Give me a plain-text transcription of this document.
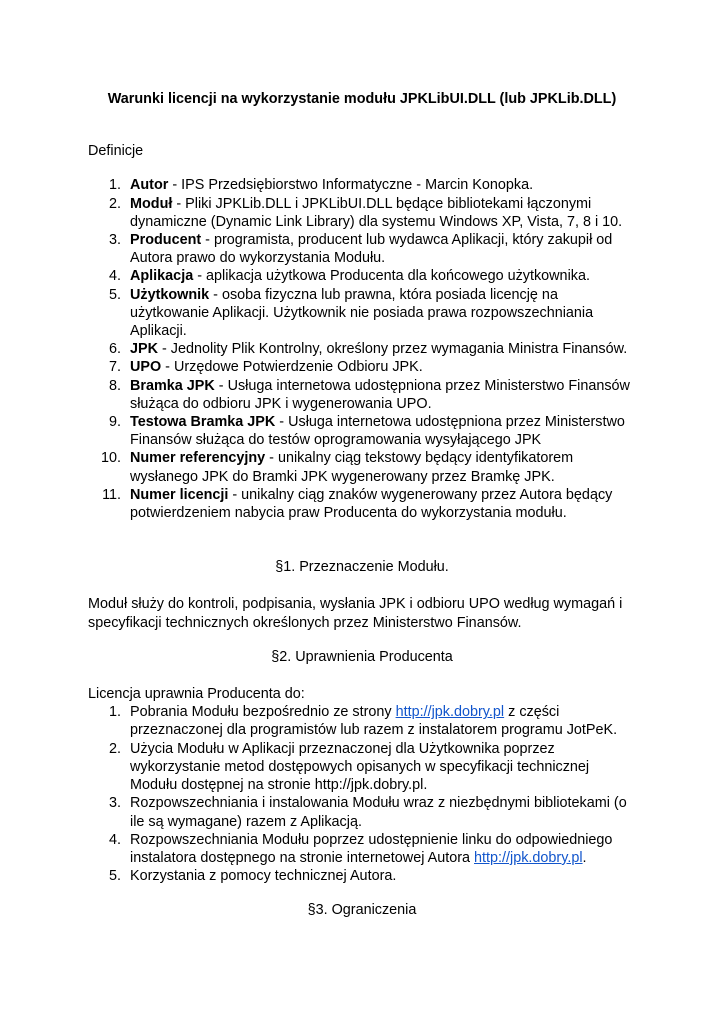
Warunki licencji na wykorzystanie modułu JPKLibUI.DLL (lub JPKLib.DLL)

Definicje

1. Autor - IPS Przedsiębiorstwo Informatyczne - Marcin Konopka.
2. Moduł - Pliki JPKLib.DLL i JPKLibUI.DLL będące bibliotekami łączonymi dynamiczne (Dynamic Link Library) dla systemu Windows XP, Vista, 7, 8 i 10.
3. Producent - programista, producent lub wydawca Aplikacji, który zakupił od Autora prawo do wykorzystania Modułu.
4. Aplikacja - aplikacja użytkowa Producenta dla końcowego użytkownika.
5. Użytkownik - osoba fizyczna lub prawna, która posiada licencję na użytkowanie Aplikacji. Użytkownik nie posiada prawa rozpowszechniania Aplikacji.
6. JPK - Jednolity Plik Kontrolny, określony przez wymagania Ministra Finansów.
7. UPO - Urzędowe Potwierdzenie Odbioru JPK.
8. Bramka JPK - Usługa internetowa udostępniona przez Ministerstwo Finansów służąca do odbioru JPK i wygenerowania UPO.
9. Testowa Bramka JPK - Usługa internetowa udostępniona przez Ministerstwo Finansów służąca do testów oprogramowania wysyłającego JPK
10. Numer referencyjny - unikalny ciąg tekstowy będący identyfikatorem wysłanego JPK do Bramki JPK wygenerowany przez Bramkę JPK.
11. Numer licencji - unikalny ciąg znaków wygenerowany przez Autora będący potwierdzeniem nabycia praw Producenta do wykorzystania modułu.

§1. Przeznaczenie Modułu.

Moduł służy do kontroli, podpisania, wysłania JPK i odbioru UPO według wymagań i specyfikacji technicznych określonych przez Ministerstwo Finansów.

§2. Uprawnienia Producenta

Licencja uprawnia Producenta do:

1. Pobrania Modułu bezpośrednio ze strony http://jpk.dobry.pl z części przeznaczonej dla programistów lub razem z instalatorem programu JotPeK.
2. Użycia Modułu w Aplikacji przeznaczonej dla Użytkownika poprzez wykorzystanie metod dostępowych opisanych w specyfikacji technicznej Modułu dostępnej na stronie http://jpk.dobry.pl.
3. Rozpowszechniania i instalowania Modułu wraz z niezbędnymi bibliotekami (o ile są wymagane) razem z Aplikacją.
4. Rozpowszechniania Modułu poprzez udostępnienie linku do odpowiedniego instalatora dostępnego na stronie internetowej Autora http://jpk.dobry.pl.
5. Korzystania z pomocy technicznej Autora.

§3. Ograniczenia
